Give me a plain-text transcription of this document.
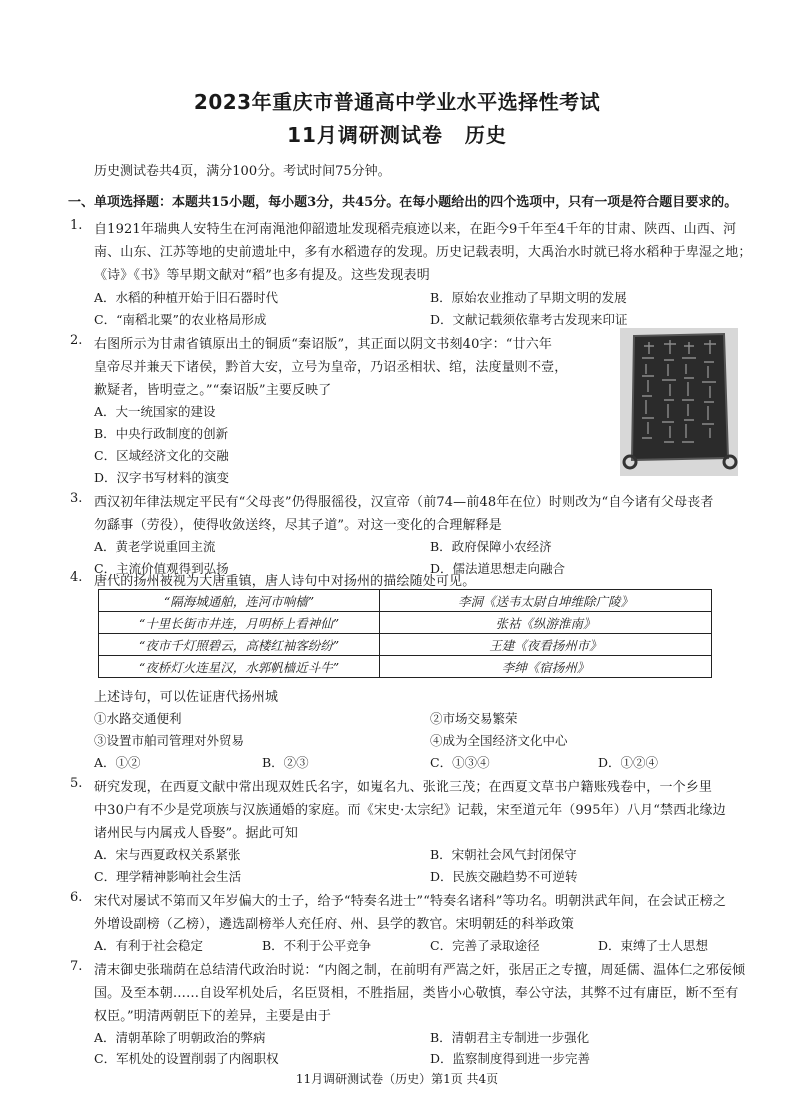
2023年重庆市普通高中学业水平选择性考试
11月调研测试卷 历史
历史测试卷共4页，满分100分。考试时间75分钟。
一、单项选择题：本题共15小题，每小题3分，共45分。在每小题给出的四个选项中，只有一项是符合题目要求的。
1. 自1921年瑞典人安特生在河南渑池仰韶遗址发现稻壳痕迹以来，在距今9千年至4千年的甘肃、陕西、山西、河
南、山东、江苏等地的史前遗址中，多有水稻遗存的发现。历史记载表明，大禹治水时就已将水稻种于卑湿之地；
《诗》《书》等早期文献对“稻”也多有提及。这些发现表明
A．水稻的种植开始于旧石器时代	B．原始农业推动了早期文明的发展
C．“南稻北粟”的农业格局形成	D．文献记载须依靠考古发现来印证
2. 右图所示为甘肃省镇原出土的铜质“秦诏版”，其正面以阴文书刻40字：“廿六年
皇帝尽并兼天下诸侯，黔首大安，立号为皇帝，乃诏丞相状、绾，法度量则不壹，
歉疑者，皆明壹之。”“秦诏版”主要反映了
A．大一统国家的建设
B．中央行政制度的创新
C．区域经济文化的交融
D．汉字书写材料的演变
3. 西汉初年律法规定平民有“父母丧”仍得服徭役，汉宣帝（前74—前48年在位）时则改为“自今诸有父母丧者
勿繇事（劳役），使得收敛送终，尽其子道”。对这一变化的合理解释是
A．黄老学说重回主流	B．政府保障小农经济
C．主流价值观得到弘扬	D．儒法道思想走向融合
4. 唐代的扬州被视为大唐重镇，唐人诗句中对扬州的描绘随处可见。
“隔海城通舶，连河市响樯”	李洞《送韦太尉自坤维除广陵》
“十里长街市井连，月明桥上看神仙”	张祜《纵游淮南》
“夜市千灯照碧云，高楼红袖客纷纷”	王建《夜看扬州市》
“夜桥灯火连星汉，水郭帆樯近斗牛”	李绅《宿扬州》
上述诗句，可以佐证唐代扬州城
①水路交通便利	②市场交易繁荣
③设置市舶司管理对外贸易	④成为全国经济文化中心
A．①②	B．②③	C．①③④	D．①②④
5. 研究发现，在西夏文献中常出现双姓氏名字，如嵬名九、张讹三茂；在西夏文草书户籍账残卷中，一个乡里
中30户有不少是党项族与汉族通婚的家庭。而《宋史·太宗纪》记载，宋至道元年（995年）八月“禁西北缘边
诸州民与内属戎人昏娶”。据此可知
A．宋与西夏政权关系紧张	B．宋朝社会风气封闭保守
C．理学精神影响社会生活	D．民族交融趋势不可逆转
6. 宋代对屡试不第而又年岁偏大的士子，给予“特奏名进士”“特奏名诸科”等功名。明朝洪武年间，在会试正榜之
外增设副榜（乙榜），遴选副榜举人充任府、州、县学的教官。宋明朝廷的科举政策
A．有利于社会稳定	B．不利于公平竞争	C．完善了录取途径	D．束缚了士人思想
7. 清末御史张瑞荫在总结清代政治时说：“内阁之制，在前明有严嵩之奸，张居正之专擅，周延儒、温体仁之邪佞倾
国。及至本朝……自设军机处后，名臣贤相，不胜指屈，类皆小心敬慎，奉公守法，其弊不过有庸臣，断不至有
权臣。”明清两朝臣下的差异，主要是由于
A．清朝革除了明朝政治的弊病	B．清朝君主专制进一步强化
C．军机处的设置削弱了内阁职权	D．监察制度得到进一步完善
11月调研测试卷（历史）第1页 共4页
